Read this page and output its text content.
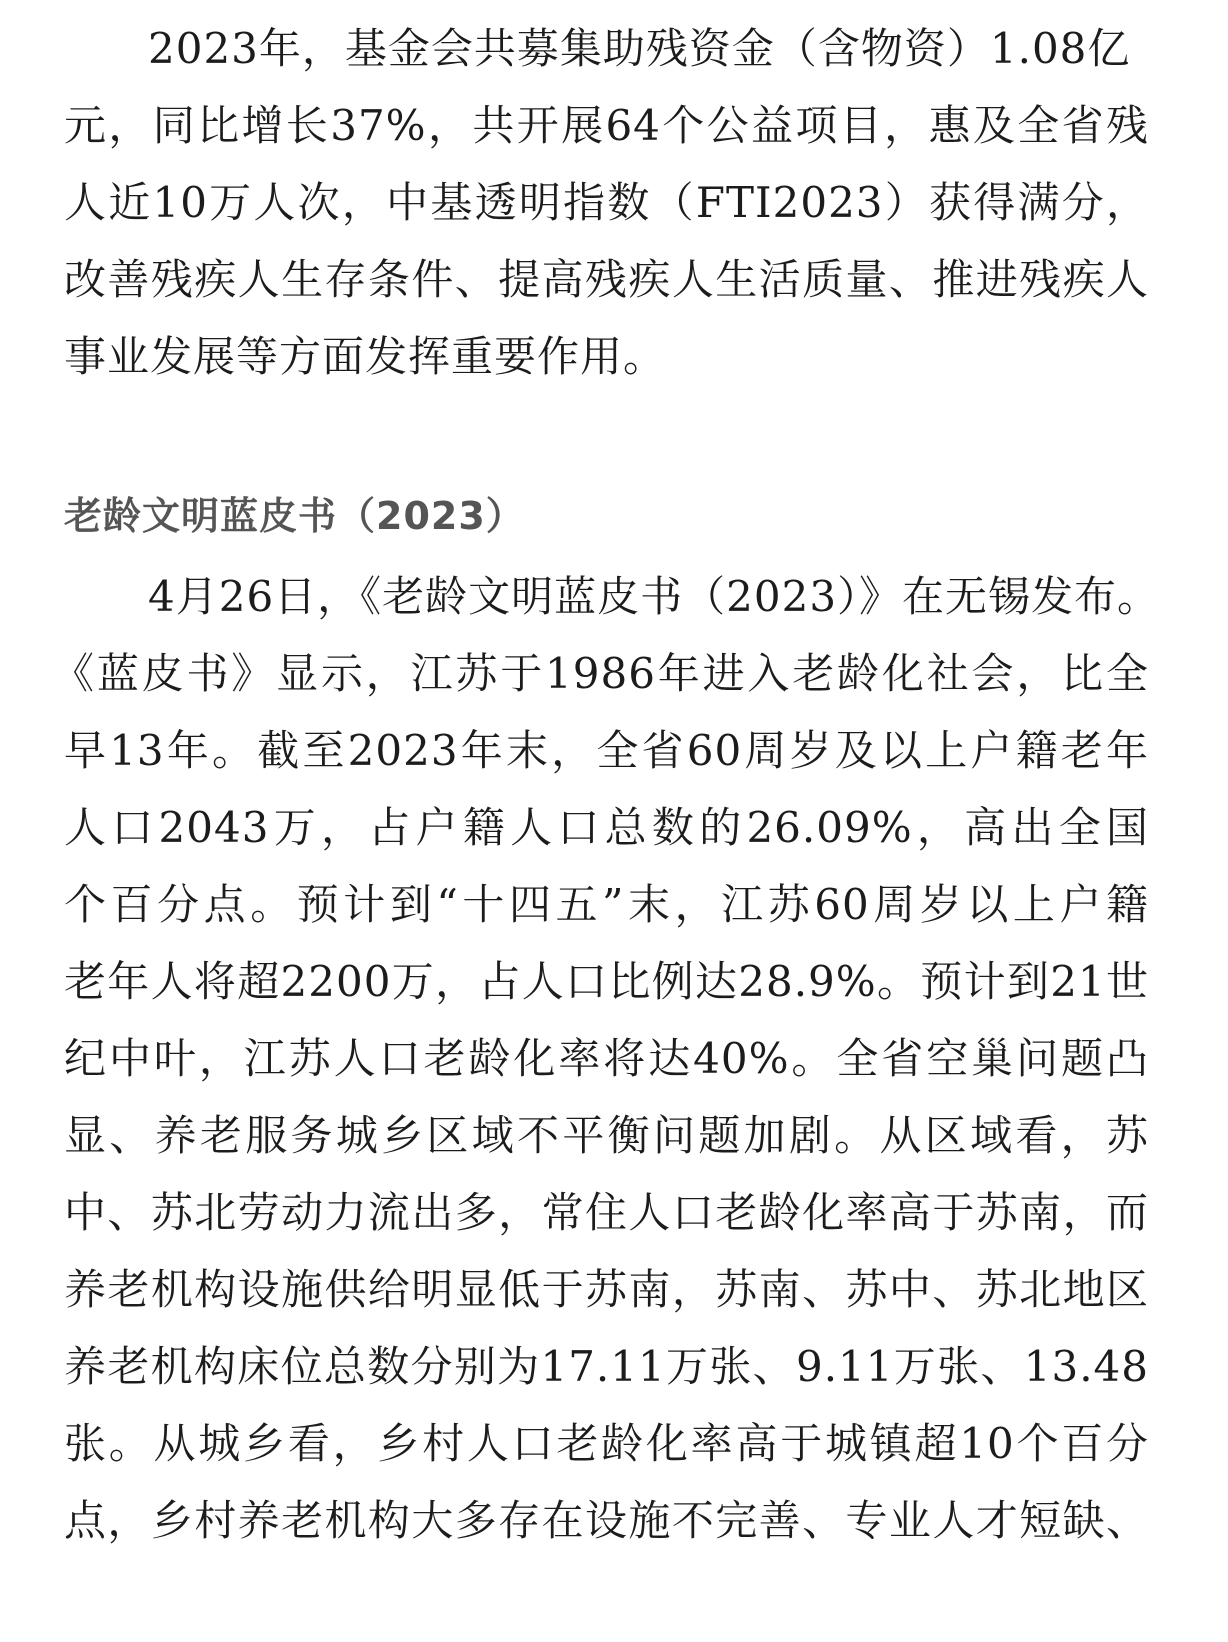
2023年，基金会共募集助残资金（含物资）1.08亿
元，同比增长37%，共开展64个公益项目，惠及全省残
人近10万人次，中基透明指数（FTI2023）获得满分，
改善残疾人生存条件、提高残疾人生活质量、推进残疾人
事业发展等方面发挥重要作用。
老龄文明蓝皮书（2023）
4月26日，《老龄文明蓝皮书（2023）》在无锡发布。
《蓝皮书》显示，江苏于1986年进入老龄化社会，比全
早13年。截至2023年末，全省60周岁及以上户籍老年
人口2043万，占户籍人口总数的26.09%，高出全国
个百分点。预计到“十四五”末，江苏60周岁以上户籍
老年人将超2200万，占人口比例达28.9%。预计到21世
纪中叶，江苏人口老龄化率将达40%。全省空巢问题凸
显、养老服务城乡区域不平衡问题加剧。从区域看，苏
中、苏北劳动力流出多，常住人口老龄化率高于苏南，而
养老机构设施供给明显低于苏南，苏南、苏中、苏北地区
养老机构床位总数分别为17.11万张、9.11万张、13.48
张。从城乡看，乡村人口老龄化率高于城镇超10个百分
点，乡村养老机构大多存在设施不完善、专业人才短缺、
